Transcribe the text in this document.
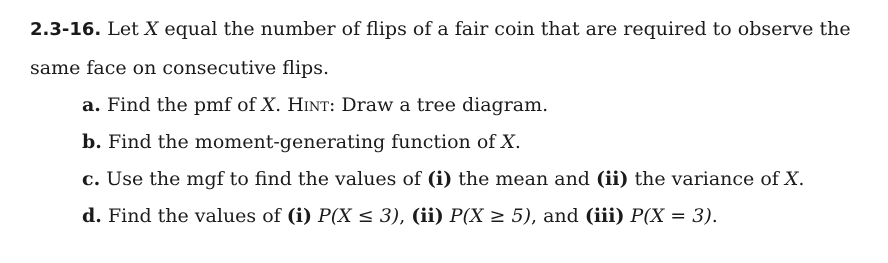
2.3-16. Let X equal the number of flips of a fair coin that are required to observe the same face on consecutive flips.

a. Find the pmf of X. Hint: Draw a tree diagram.
b. Find the moment-generating function of X.
c. Use the mgf to find the values of (i) the mean and (ii) the variance of X.
d. Find the values of (i) P(X ≤ 3), (ii) P(X ≥ 5), and (iii) P(X = 3).
